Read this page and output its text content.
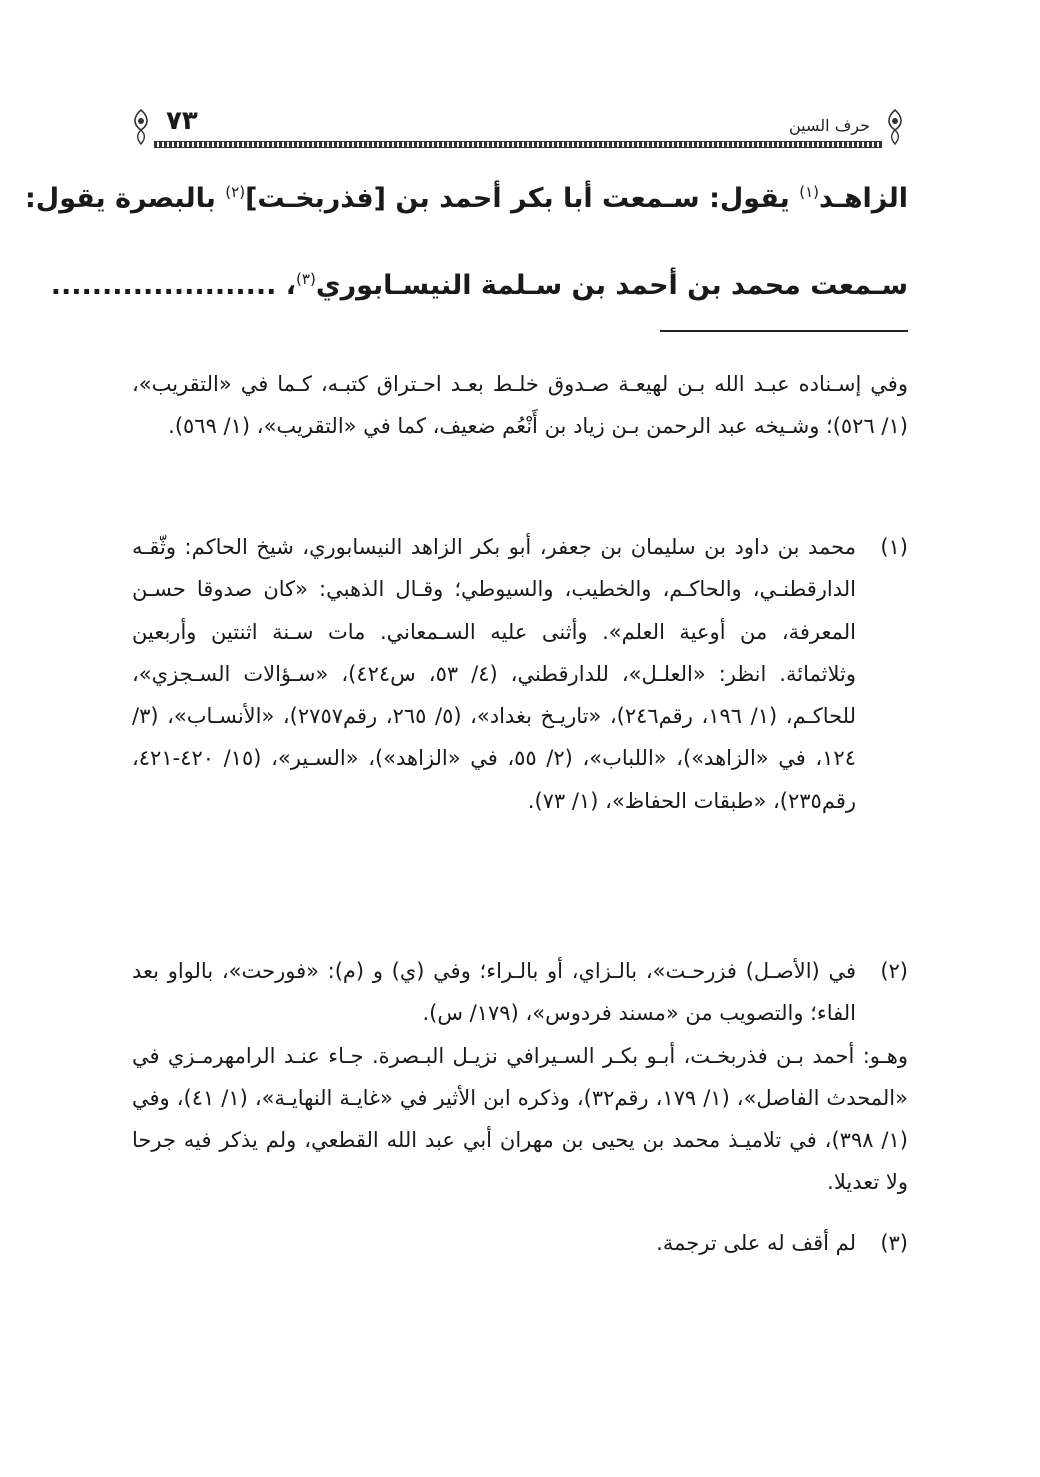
حرف السين
٧٣
الزاهـد$^{(١)}$ يقول: سـمعت أبا بكر أحمد بن [فذربخـت]$^{(٢)}$ بالبصرة يقول:
سـمعت محمد بن أحمد بن سـلمة النيسـابوري$^{(٣)}$، ......................

وفي إسـناده عبـد الله بـن لهيعـة صـدوق خلـط بعـد احـتراق كتبـه، كـما في «التقريب»، (١/ ٥٢٦)؛ وشـيخه عبد الرحمن بـن زياد بن أَنْعُم ضعيف، كما في «التقريب»، (١/ ٥٦٩).

(١)

محمد بن داود بن سليمان بن جعفر، أبو بكر الزاهد النيسابوري، شيخ الحاكم: وثّقـه الدارقطنـي، والحاكـم، والخطيب، والسيوطي؛ وقـال الذهبي: «كان صدوقا حسـن المعرفة، من أوعية العلم». وأثنى عليه السـمعاني. مات سـنة اثنتين وأربعين وثلاثمائة. انظر: «العلـل»، للدارقطني، (٤/ ٥٣، س٤٢٤)، «سـؤالات السـجزي»، للحاكـم، (١/ ١٩٦، رقم٢٤٦)، «تاريـخ بغداد»، (٥/ ٢٦٥، رقم٢٧٥٧)، «الأنسـاب»، (٣/ ١٢٤، في «الزاهد»)، «اللباب»، (٢/ ٥٥، في «الزاهد»)، «السـير»، (١٥/ ٤٢٠-٤٢١، رقم٢٣٥)، «طبقات الحفاظ»، (١/ ٧٣).

(٢)

في (الأصـل) فزرحـت»، بالـزاي، أو بالـراء؛ وفي (ي) و (م): «فورحت»، بالواو بعد الفاء؛ والتصويب من «مسند فردوس»، (١٧٩/ س).

وهـو: أحمد بـن فذربخـت، أبـو بكـر السـيرافي نزيـل البـصرة. جـاء عنـد الرامهرمـزي في «المحدث الفاصل»، (١/ ١٧٩، رقم٣٢)، وذكره ابن الأثير في «غايـة النهايـة»، (١/ ٤١)، وفي (١/ ٣٩٨)، في تلاميـذ محمد بن يحيى بن مهران أبي عبد الله القطعي، ولم يذكر فيه جرحا ولا تعديلا.

(٣)

لم أقف له على ترجمة.
